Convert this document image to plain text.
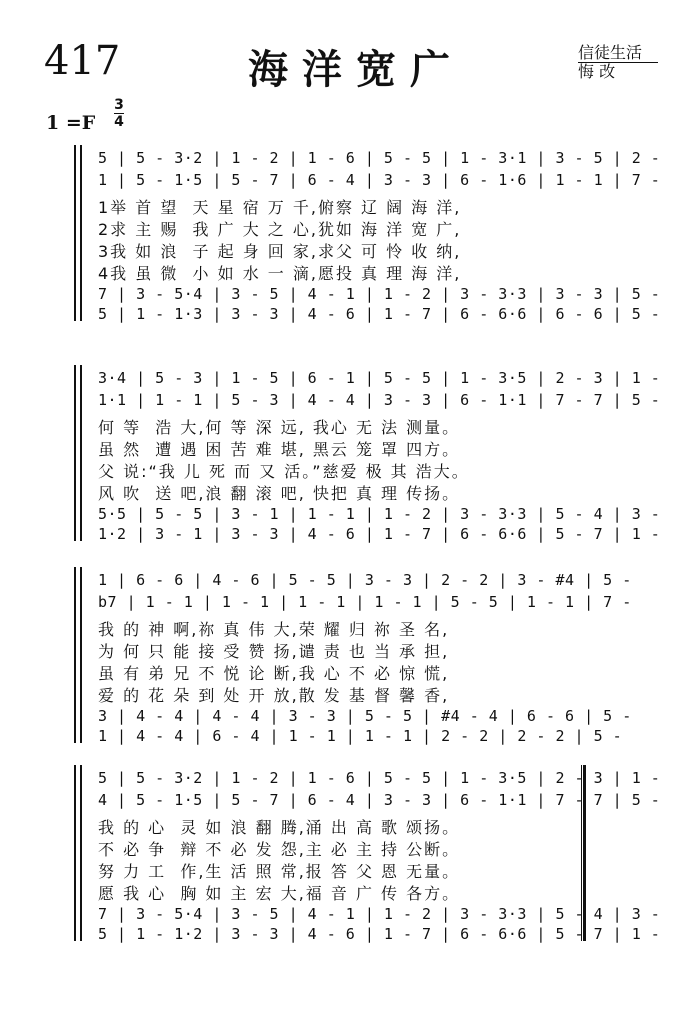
417	海洋宽广	信徒生活
悔 改
1 =F
3
4
5 | 5 - 3·2 | 1 - 2 | 1 - 6 | 5 - 5 | 1 - 3·1 | 3 - 5 | 2 -
1 | 5 - 1·5 | 5 - 7 | 6 - 4 | 3 - 3 | 6 - 1·6 | 1 - 1 | 7 -
1举 首 望  天 星 宿 万 千,俯察 辽 阔 海 洋,
2求 主 赐  我 广 大 之 心,犹如 海 洋 宽 广,
3我 如 浪  子 起 身 回 家,求父 可 怜 收 纳,
4我 虽 微  小 如 水 一 滴,愿投 真 理 海 洋,
7 | 3 - 5·4 | 3 - 5 | 4 - 1 | 1 - 2 | 3 - 3·3 | 3 - 3 | 5 -
5 | 1 - 1·3 | 3 - 3 | 4 - 6 | 1 - 7 | 6 - 6·6 | 6 - 6 | 5 -
3·4 | 5 - 3 | 1 - 5 | 6 - 1 | 5 - 5 | 1 - 3·5 | 2 - 3 | 1 -
1·1 | 1 - 1 | 5 - 3 | 4 - 4 | 3 - 3 | 6 - 1·1 | 7 - 7 | 5 -
何 等  浩 大,何 等 深 远, 我心 无 法 测量。
虽 然  遭 遇 困 苦 难 堪, 黑云 笼 罩 四方。
父 说:“我 儿 死 而 又 活。”慈爱 极 其 浩大。
风 吹  送 吧,浪 翻 滚 吧, 快把 真 理 传扬。
5·5 | 5 - 5 | 3 - 1 | 1 - 1 | 1 - 2 | 3 - 3·3 | 5 - 4 | 3 -
1·2 | 3 - 1 | 3 - 3 | 4 - 6 | 1 - 7 | 6 - 6·6 | 5 - 7 | 1 -
1 | 6 - 6 | 4 - 6 | 5 - 5 | 3 - 3 | 2 - 2 | 3 - #4 | 5 -
b7 | 1 - 1 | 1 - 1 | 1 - 1 | 1 - 1 | 5 - 5 | 1 - 1 | 7 -
我 的 神 啊,祢 真 伟 大,荣 耀 归 祢 圣 名,
为 何 只 能 接 受 赞 扬,谴 责 也 当 承 担,
虽 有 弟 兄 不 悦 论 断,我 心 不 必 惊 慌,
爱 的 花 朵 到 处 开 放,散 发 基 督 馨 香,
3 | 4 - 4 | 4 - 4 | 3 - 3 | 5 - 5 | #4 - 4 | 6 - 6 | 5 -
1 | 4 - 4 | 6 - 4 | 1 - 1 | 1 - 1 | 2 - 2 | 2 - 2 | 5 -
5 | 5 - 3·2 | 1 - 2 | 1 - 6 | 5 - 5 | 1 - 3·5 | 2 - 3 | 1 -
4 | 5 - 1·5 | 5 - 7 | 6 - 4 | 3 - 3 | 6 - 1·1 | 7 - 7 | 5 -
我 的 心  灵 如 浪 翻 腾,涌 出 高 歌 颂扬。
不 必 争  辩 不 必 发 怨,主 必 主 持 公断。
努 力 工  作,生 活 照 常,报 答 父 恩 无量。
愿 我 心  胸 如 主 宏 大,福 音 广 传 各方。
7 | 3 - 5·4 | 3 - 5 | 4 - 1 | 1 - 2 | 3 - 3·3 | 5 - 4 | 3 -
5 | 1 - 1·2 | 3 - 3 | 4 - 6 | 1 - 7 | 6 - 6·6 | 5 - 7 | 1 -
